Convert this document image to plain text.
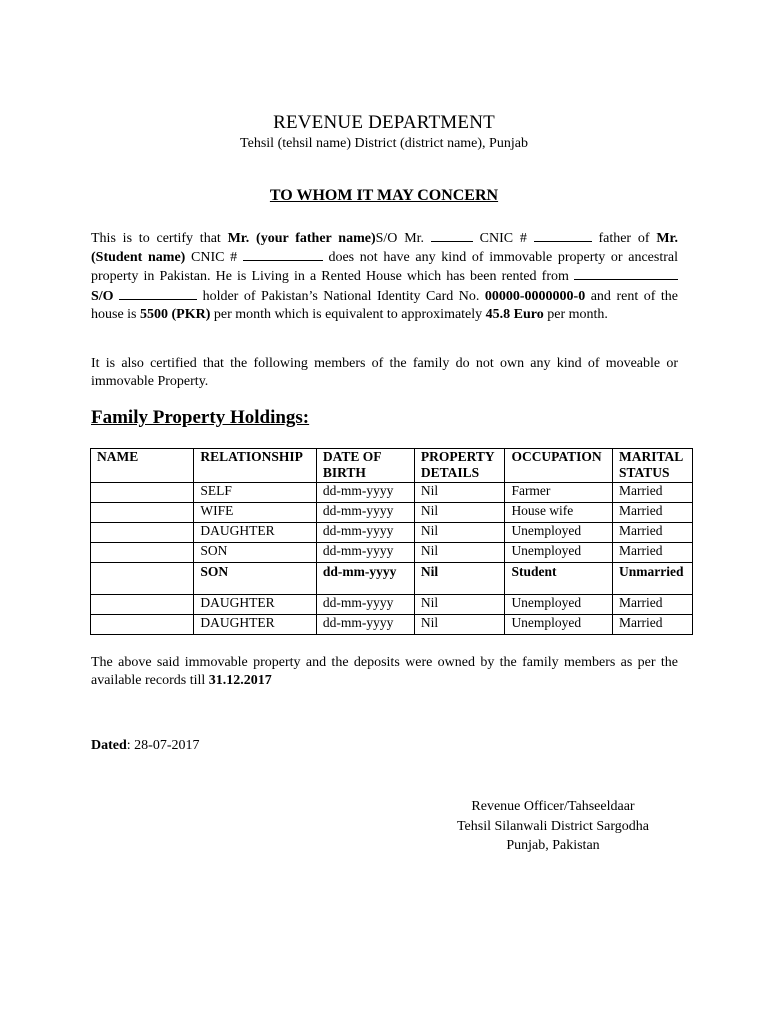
REVENUE DEPARTMENT
Tehsil (tehsil name) District (district name), Punjab
TO WHOM IT MAY CONCERN
This is to certify that Mr. (your father name)S/O Mr.	CNIC #	father of Mr. (Student name) CNIC #	does not have any kind of immovable property or ancestral property in Pakistan. He is Living in a Rented House which has been rented from  S/O	holder of Pakistan’s National Identity Card No. 00000-0000000-0 and rent of the house is 5500 (PKR) per month which is equivalent to approximately 45.8 Euro per month.
It is also certified that the following members of the family do not own any kind of moveable or immovable Property.
Family Property Holdings:
NAME	RELATIONSHIP	DATE OF BIRTH	PROPERTY DETAILS	OCCUPATION	MARITAL STATUS
	SELF	dd-mm-yyyy	Nil	Farmer	Married
	WIFE	dd-mm-yyyy	Nil	House wife	Married
	DAUGHTER	dd-mm-yyyy	Nil	Unemployed	Married
	SON	dd-mm-yyyy	Nil	Unemployed	Married
	SON	dd-mm-yyyy	Nil	Student	Unmarried
	DAUGHTER	dd-mm-yyyy	Nil	Unemployed	Married
	DAUGHTER	dd-mm-yyyy	Nil	Unemployed	Married
The above said immovable property and the deposits were owned by the family members as per the available records till 31.12.2017
Dated: 28-07-2017
Revenue Officer/Tahseeldaar
Tehsil Silanwali District Sargodha
Punjab, Pakistan
